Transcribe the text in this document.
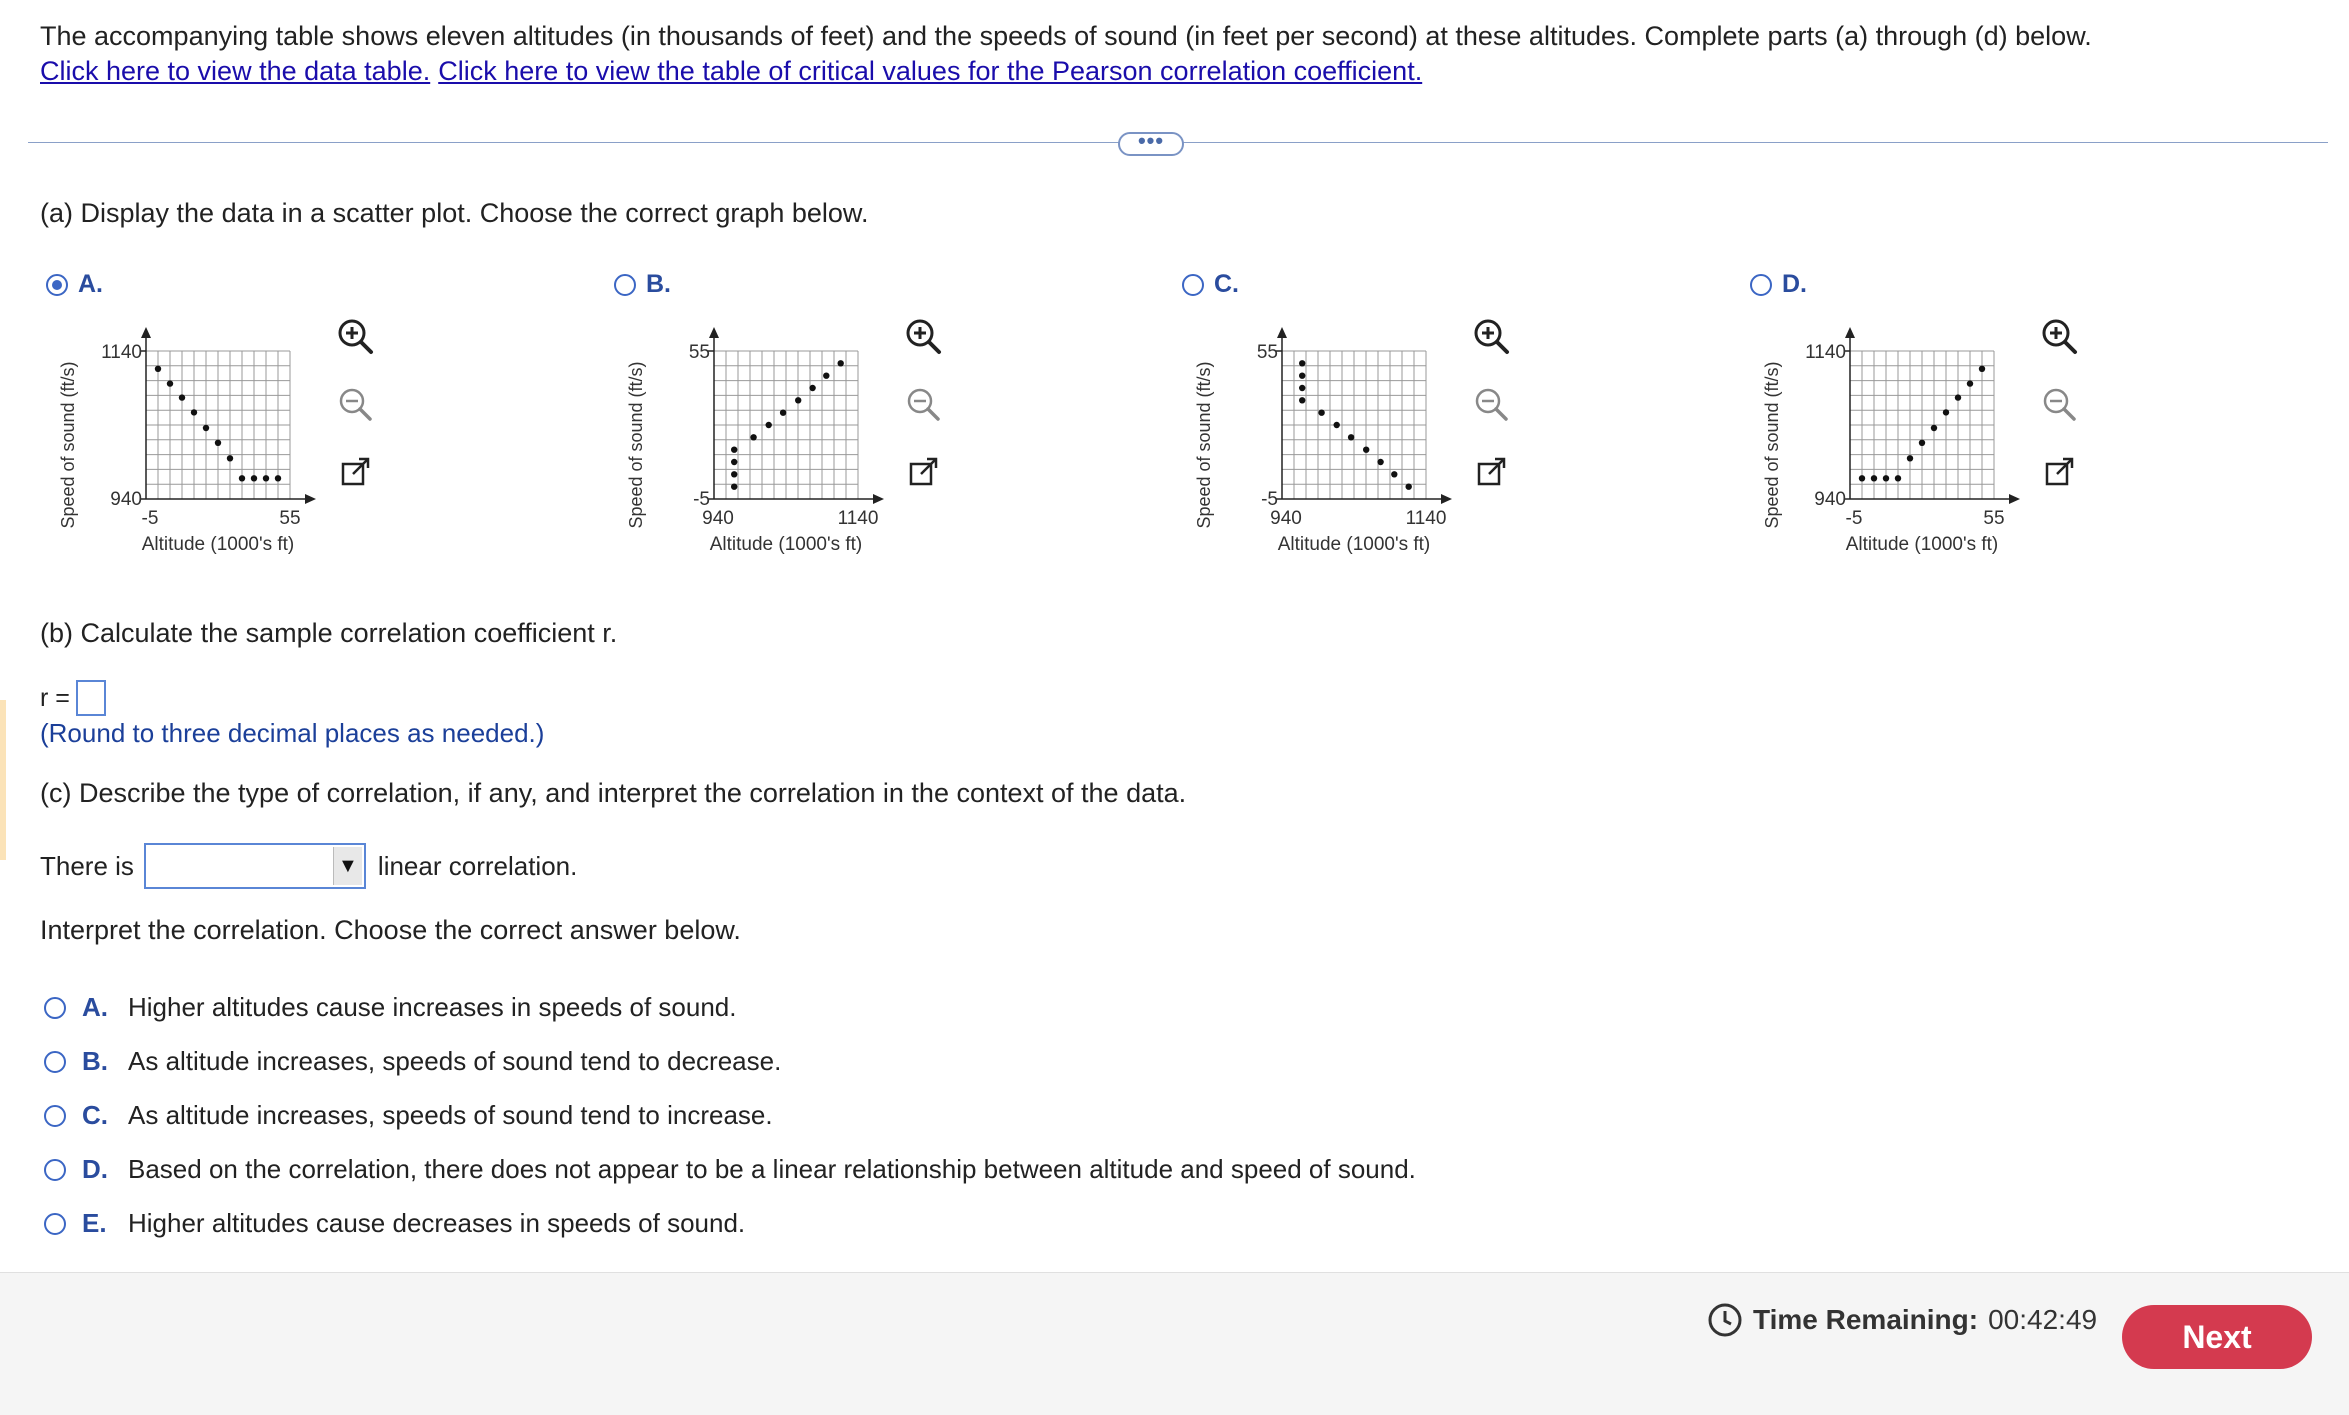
The accompanying table shows eleven altitudes (in thousands of feet) and the speeds of sound (in feet per second) at these altitudes. Complete parts (a) through (d) below.
Click here to view the data table. Click here to view the table of critical values for the Pearson correlation coefficient.
•••
(a) Display the data in a scatter plot. Choose the correct graph below.
A.	B.	C.	D.
1140
940
-5	55
Altitude (1000's ft)
Speed of sound (ft/s)
55
-5
940	1140
Altitude (1000's ft)
Speed of sound (ft/s)
55
-5
940	1140
Altitude (1000's ft)
Speed of sound (ft/s)
1140
940
-5	55
Altitude (1000's ft)
Speed of sound (ft/s)
(b) Calculate the sample correlation coefficient r.
r =
(Round to three decimal places as needed.)
(c) Describe the type of correlation, if any, and interpret the correlation in the context of the data.
There is	▼ linear correlation.
Interpret the correlation. Choose the correct answer below.
A. Higher altitudes cause increases in speeds of sound.
B. As altitude increases, speeds of sound tend to decrease.
C. As altitude increases, speeds of sound tend to increase.
D. Based on the correlation, there does not appear to be a linear relationship between altitude and speed of sound.
E. Higher altitudes cause decreases in speeds of sound.
Time Remaining: 00:42:49	Next
